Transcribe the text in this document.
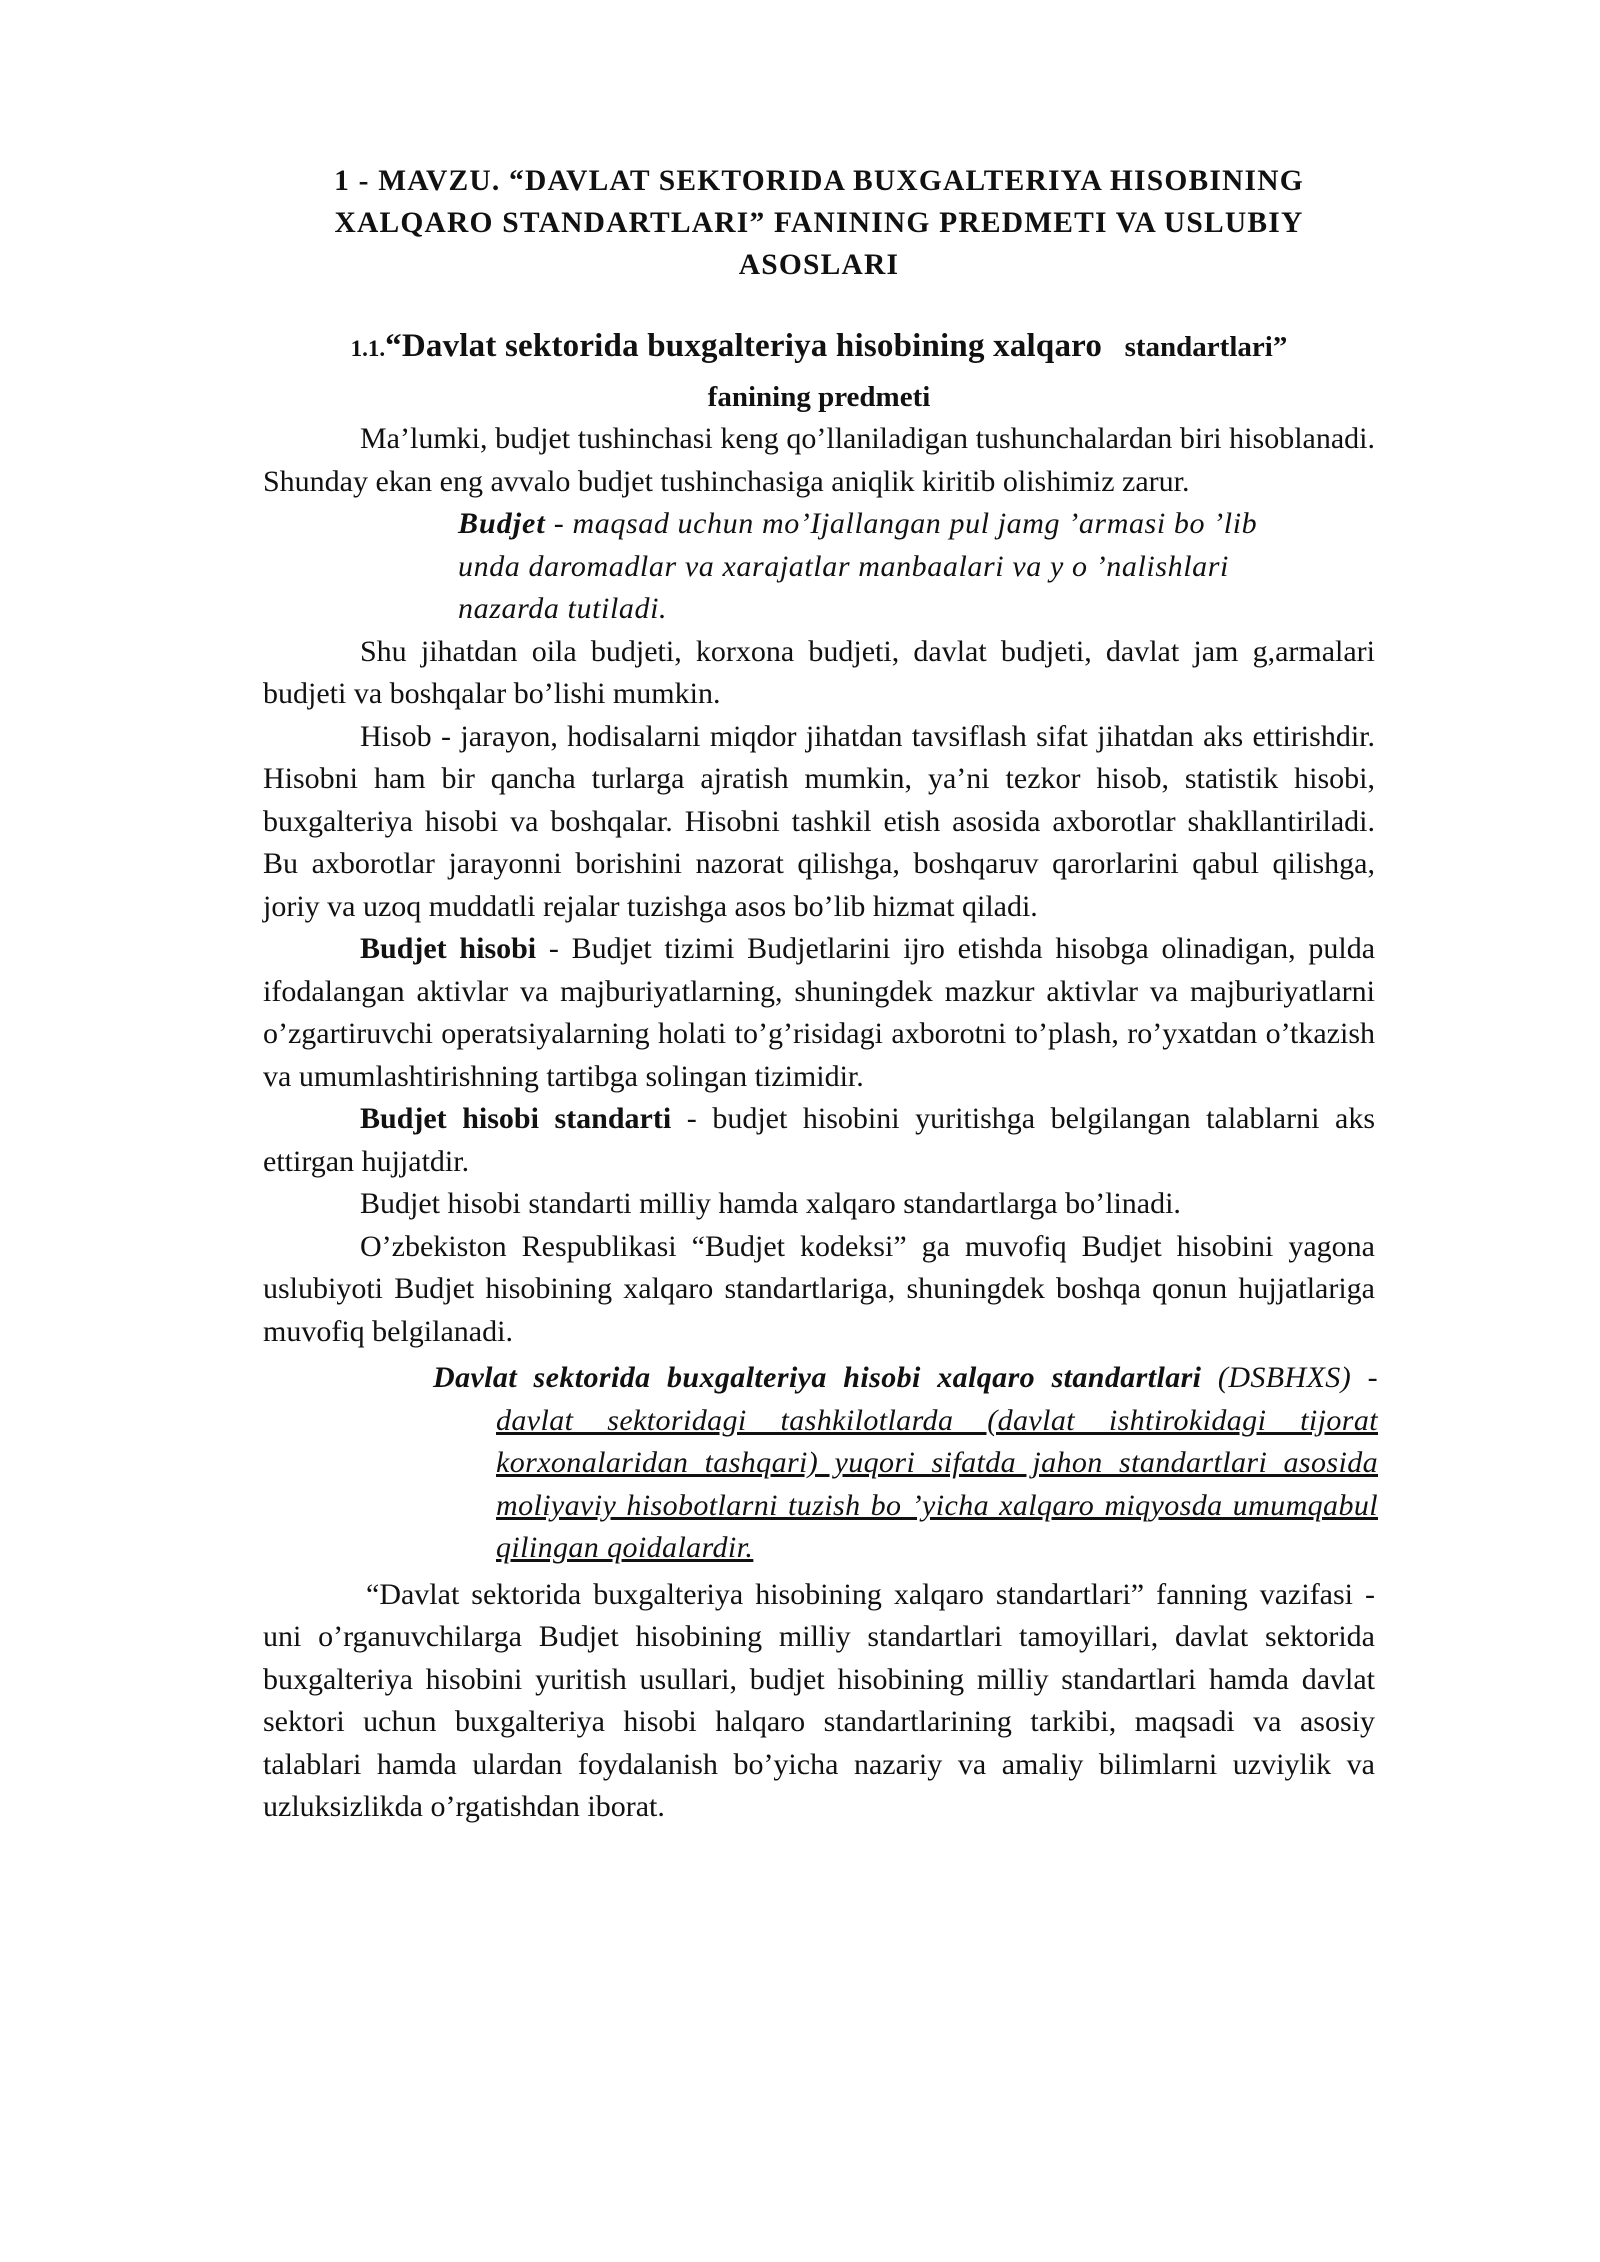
1 - MAVZU. “DAVLAT SEKTORIDA BUXGALTERIYA HISOBINING XALQARO STANDARTLARI” FANINING PREDMETI VA USLUBIY ASOSLARI
1.1.“Davlat sektorida buxgalteriya hisobining xalqaro standartlari”
fanining predmeti

Ma’lumki, budjet tushinchasi keng qo’llaniladigan tushunchalardan biri hisoblanadi. Shunday ekan eng avvalo budjet tushinchasiga aniqlik kiritib olishimiz zarur.

Budjet - maqsad uchun mo’Ijallangan pul jamg ’armasi bo ’lib unda daromadlar va xarajatlar manbaalari va y o ’nalishlari nazarda tutiladi.

Shu jihatdan oila budjeti, korxona budjeti, davlat budjeti, davlat jam g,armalari budjeti va boshqalar bo’lishi mumkin.

Hisob - jarayon, hodisalarni miqdor jihatdan tavsiflash sifat jihatdan aks ettirishdir. Hisobni ham bir qancha turlarga ajratish mumkin, ya’ni tezkor hisob, statistik hisobi, buxgalteriya hisobi va boshqalar. Hisobni tashkil etish asosida axborotlar shakllantiriladi. Bu axborotlar jarayonni borishini nazorat qilishga, boshqaruv qarorlarini qabul qilishga, joriy va uzoq muddatli rejalar tuzishga asos bo’lib hizmat qiladi.

Budjet hisobi - Budjet tizimi Budjetlarini ijro etishda hisobga olinadigan, pulda ifodalangan aktivlar va majburiyatlarning, shuningdek mazkur aktivlar va majburiyatlarni o’zgartiruvchi operatsiyalarning holati to’g’risidagi axborotni to’plash, ro’yxatdan o’tkazish va umumlashtirishning tartibga solingan tizimidir.

Budjet hisobi standarti - budjet hisobini yuritishga belgilangan talablarni aks ettirgan hujjatdir.

Budjet hisobi standarti milliy hamda xalqaro standartlarga bo’linadi.

O’zbekiston Respublikasi “Budjet kodeksi” ga muvofiq Budjet hisobini yagona uslubiyoti Budjet hisobining xalqaro standartlariga, shuningdek boshqa qonun hujjatlariga muvofiq belgilanadi.

Davlat sektorida buxgalteriya hisobi xalqaro standartlari (DSBHXS) - davlat sektoridagi tashkilotlarda (davlat ishtirokidagi tijorat korxonalaridan tashqari) yuqori sifatda jahon standartlari asosida moliyaviy hisobotlarni tuzish bo ’yicha xalqaro miqyosda umumqabul qilingan qoidalardir.

“Davlat sektorida buxgalteriya hisobining xalqaro standartlari” fanning vazifasi - uni o’rganuvchilarga Budjet hisobining milliy standartlari tamoyillari, davlat sektorida buxgalteriya hisobini yuritish usullari, budjet hisobining milliy standartlari hamda davlat sektori uchun buxgalteriya hisobi halqaro standartlarining tarkibi, maqsadi va asosiy talablari hamda ulardan foydalanish bo’yicha nazariy va amaliy bilimlarni uzviylik va uzluksizlikda o’rgatishdan iborat.
